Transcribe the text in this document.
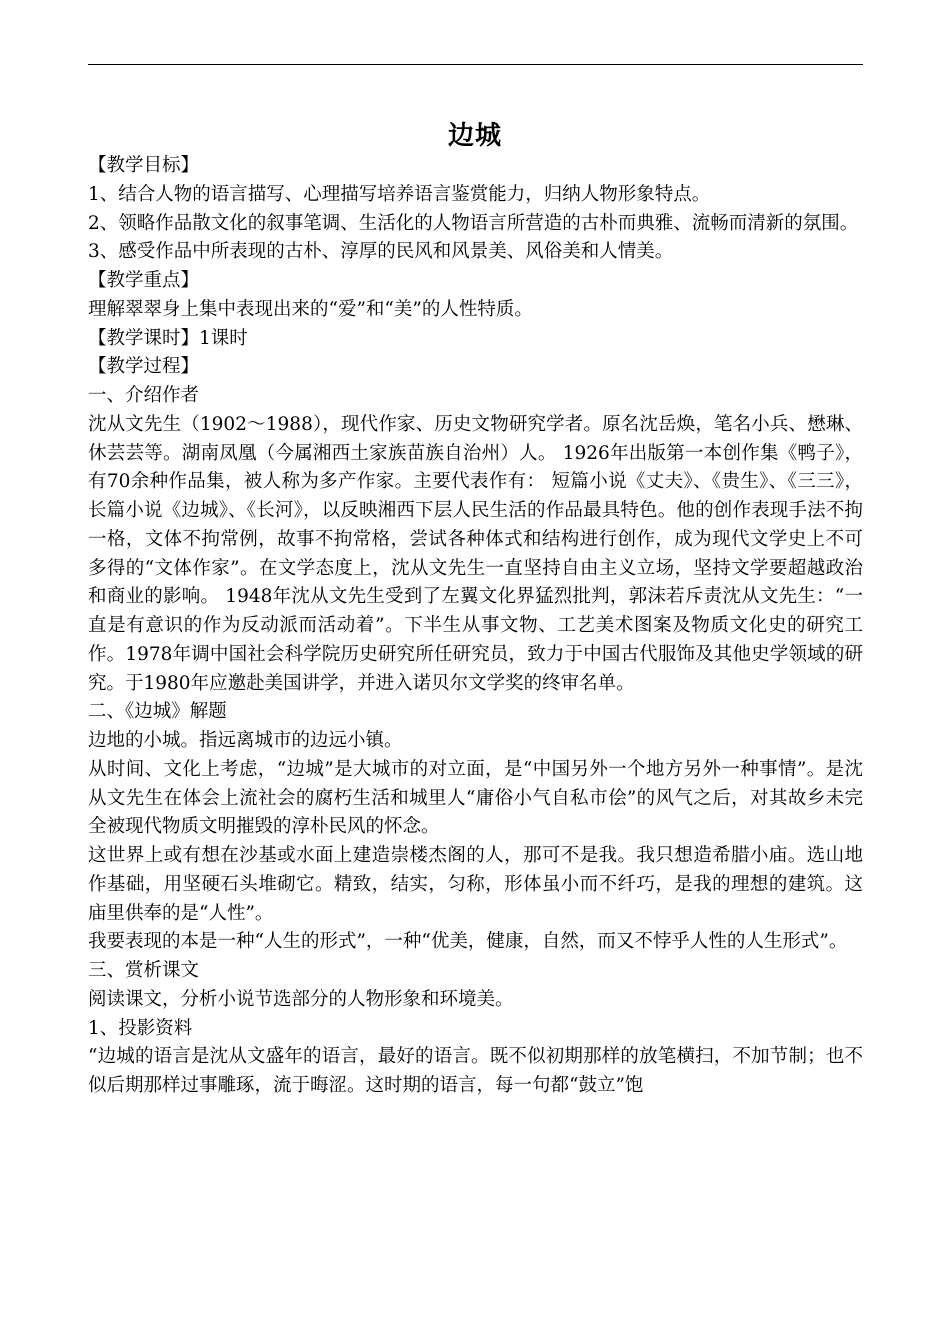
边城

【教学目标】

1、结合人物的语言描写、心理描写培养语言鉴赏能力，归纳人物形象特点。

2、领略作品散文化的叙事笔调、生活化的人物语言所营造的古朴而典雅、流畅而清新的氛围。

3、感受作品中所表现的古朴、淳厚的民风和风景美、风俗美和人情美。

【教学重点】

理解翠翠身上集中表现出来的“爱”和“美”的人性特质。

【教学课时】1课时

【教学过程】

一、介绍作者

沈从文先生（1902～1988），现代作家、历史文物研究学者。原名沈岳焕，笔名小兵、懋琳、休芸芸等。湖南凤凰（今属湘西土家族苗族自治州）人。 1926年出版第一本创作集《鸭子》，有70余种作品集，被人称为多产作家。主要代表作有： 短篇小说《丈夫》、《贵生》、《三三》，长篇小说《边城》、《长河》，以反映湘西下层人民生活的作品最具特色。他的创作表现手法不拘一格，文体不拘常例，故事不拘常格，尝试各种体式和结构进行创作，成为现代文学史上不可多得的“文体作家”。在文学态度上，沈从文先生一直坚持自由主义立场，坚持文学要超越政治和商业的影响。 1948年沈从文先生受到了左翼文化界猛烈批判，郭沫若斥责沈从文先生：“一直是有意识的作为反动派而活动着”。下半生从事文物、工艺美术图案及物质文化史的研究工作。1978年调中国社会科学院历史研究所任研究员，致力于中国古代服饰及其他史学领域的研究。于1980年应邀赴美国讲学，并进入诺贝尔文学奖的终审名单。

二、《边城》解题

边地的小城。指远离城市的边远小镇。

从时间、文化上考虑，“边城”是大城市的对立面，是“中国另外一个地方另外一种事情”。是沈从文先生在体会上流社会的腐朽生活和城里人“庸俗小气自私市侩”的风气之后，对其故乡未完全被现代物质文明摧毁的淳朴民风的怀念。

这世界上或有想在沙基或水面上建造崇楼杰阁的人，那可不是我。我只想造希腊小庙。选山地作基础，用坚硬石头堆砌它。精致，结实，匀称，形体虽小而不纤巧，是我的理想的建筑。这庙里供奉的是“人性”。

我要表现的本是一种“人生的形式”，一种“优美，健康，自然，而又不悖乎人性的人生形式”。

三、赏析课文

阅读课文，分析小说节选部分的人物形象和环境美。

1、投影资料

“边城的语言是沈从文盛年的语言，最好的语言。既不似初期那样的放笔横扫，不加节制；也不似后期那样过事雕琢，流于晦涩。这时期的语言，每一句都“鼓立”饱
